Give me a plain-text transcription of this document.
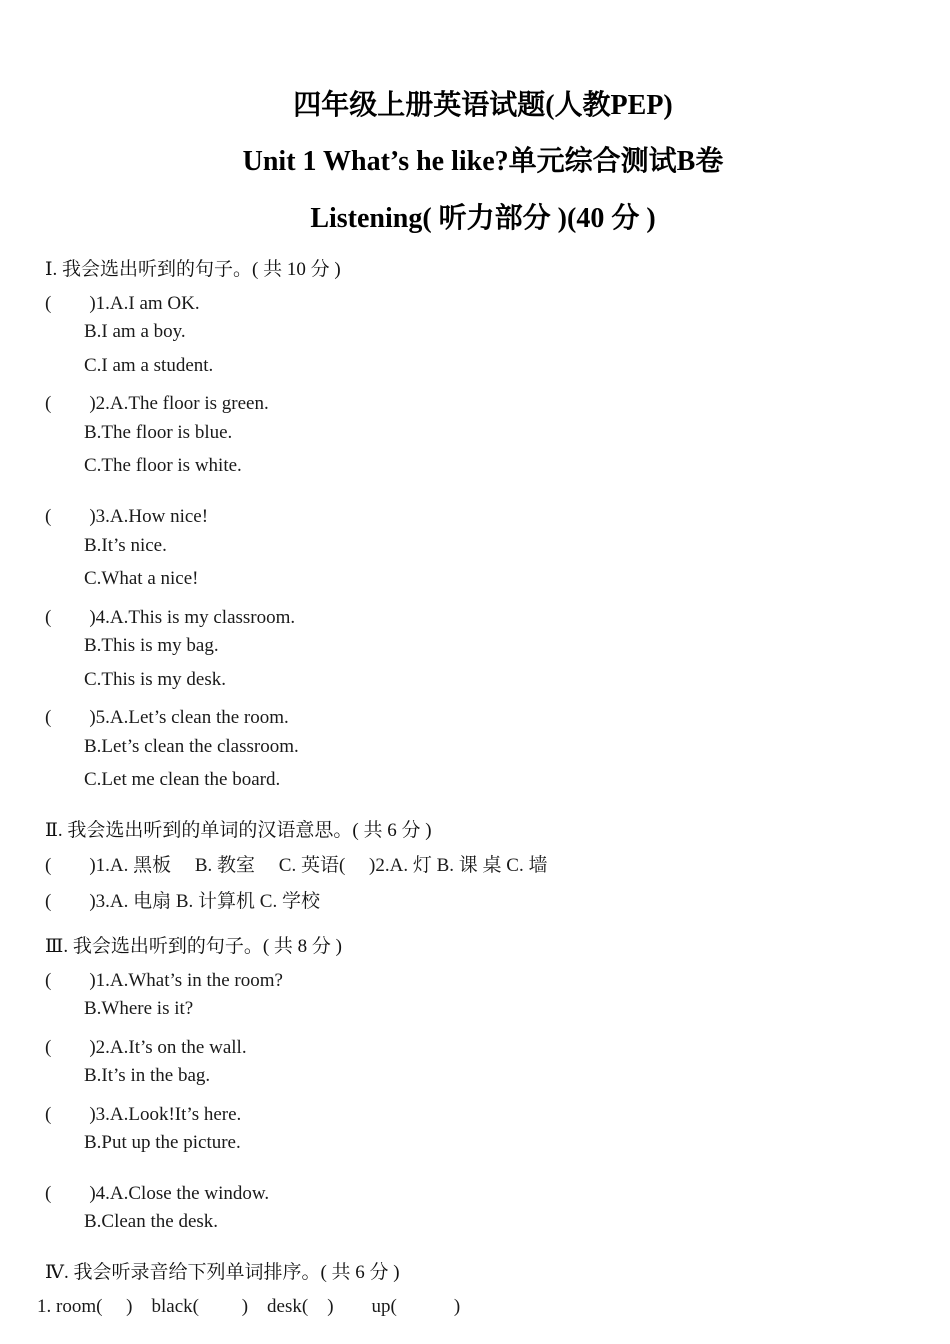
四年级上册英语试题(人教PEP)
Unit 1 What’s he like?单元综合测试B卷
Listening( 听力部分 )(40 分 )
Ⅰ. 我会选出听到的句子。( 共 10 分 )
(　　)1.A.I am OK.
B.I am a boy.
C.I am a student.
(　　)2.A.The floor is green.
B.The floor is blue.
C.The floor is white.
(　　)3.A.How nice!
B.It’s nice.
C.What a nice!
(　　)4.A.This is my classroom.
B.This is my bag.
C.This is my desk.
(　　)5.A.Let’s clean the room.
B.Let’s clean the classroom.
C.Let me clean the board.
Ⅱ. 我会选出听到的单词的汉语意思。( 共 6 分 )
(　　)1.A. 黑板　 B. 教室　 C. 英语(　 )2.A. 灯 B. 课 桌 C. 墙
(　　)3.A. 电扇 B. 计算机 C. 学校
Ⅲ. 我会选出听到的句子。( 共 8 分 )
(　　)1.A.What’s in the room?
B.Where is it?
(　　)2.A.It’s on the wall.
B.It’s in the bag.
(　　)3.A.Look!It’s here.
B.Put up the picture.
(　　)4.A.Close the window.
B.Clean the desk.
Ⅳ. 我会听录音给下列单词排序。( 共 6 分 )
1. room(　 )　black(　　 )　desk(　)　　up(　　　)
